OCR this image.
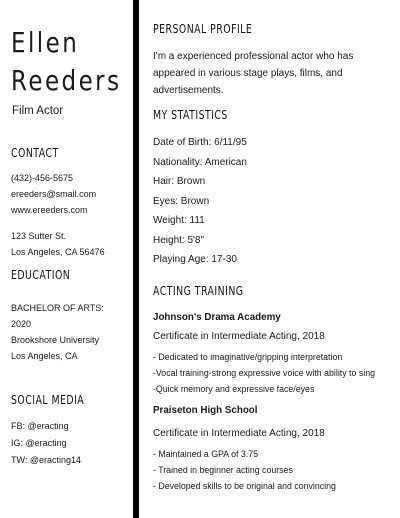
Ellen
Reeders
Film Actor
CONTACT
(432)-456-5675
ereeders@smail.com
www.ereeders.com
123 Sutter St.
Los Angeles, CA 56476
EDUCATION
BACHELOR OF ARTS:
2020
Brookshore University
Los Angeles, CA
SOCIAL MEDIA
FB: @eracting
IG: @eracting
TW: @eracting14
PERSONAL PROFILE
I'm a experienced professional actor who has
appeared in various stage plays, films, and
advertisements.
MY STATISTICS
Date of Birth: 6/11/95
Nationality: American
Hair: Brown
Eyes: Brown
Weight: 111
Height: 5'8"
Playing Age: 17-30
ACTING TRAINING
Johnson's Drama Academy
Certificate in Intermediate Acting, 2018
- Dedicated to imaginative/gripping interpretation
-Vocal training-strong expressive voice with ability to sing
-Quick memory and expressive face/eyes
Praiseton High School
Certificate in Intermediate Acting, 2018
- Maintained a GPA of 3.75
- Trained in beginner acting courses
- Developed skills to be original and convincing
